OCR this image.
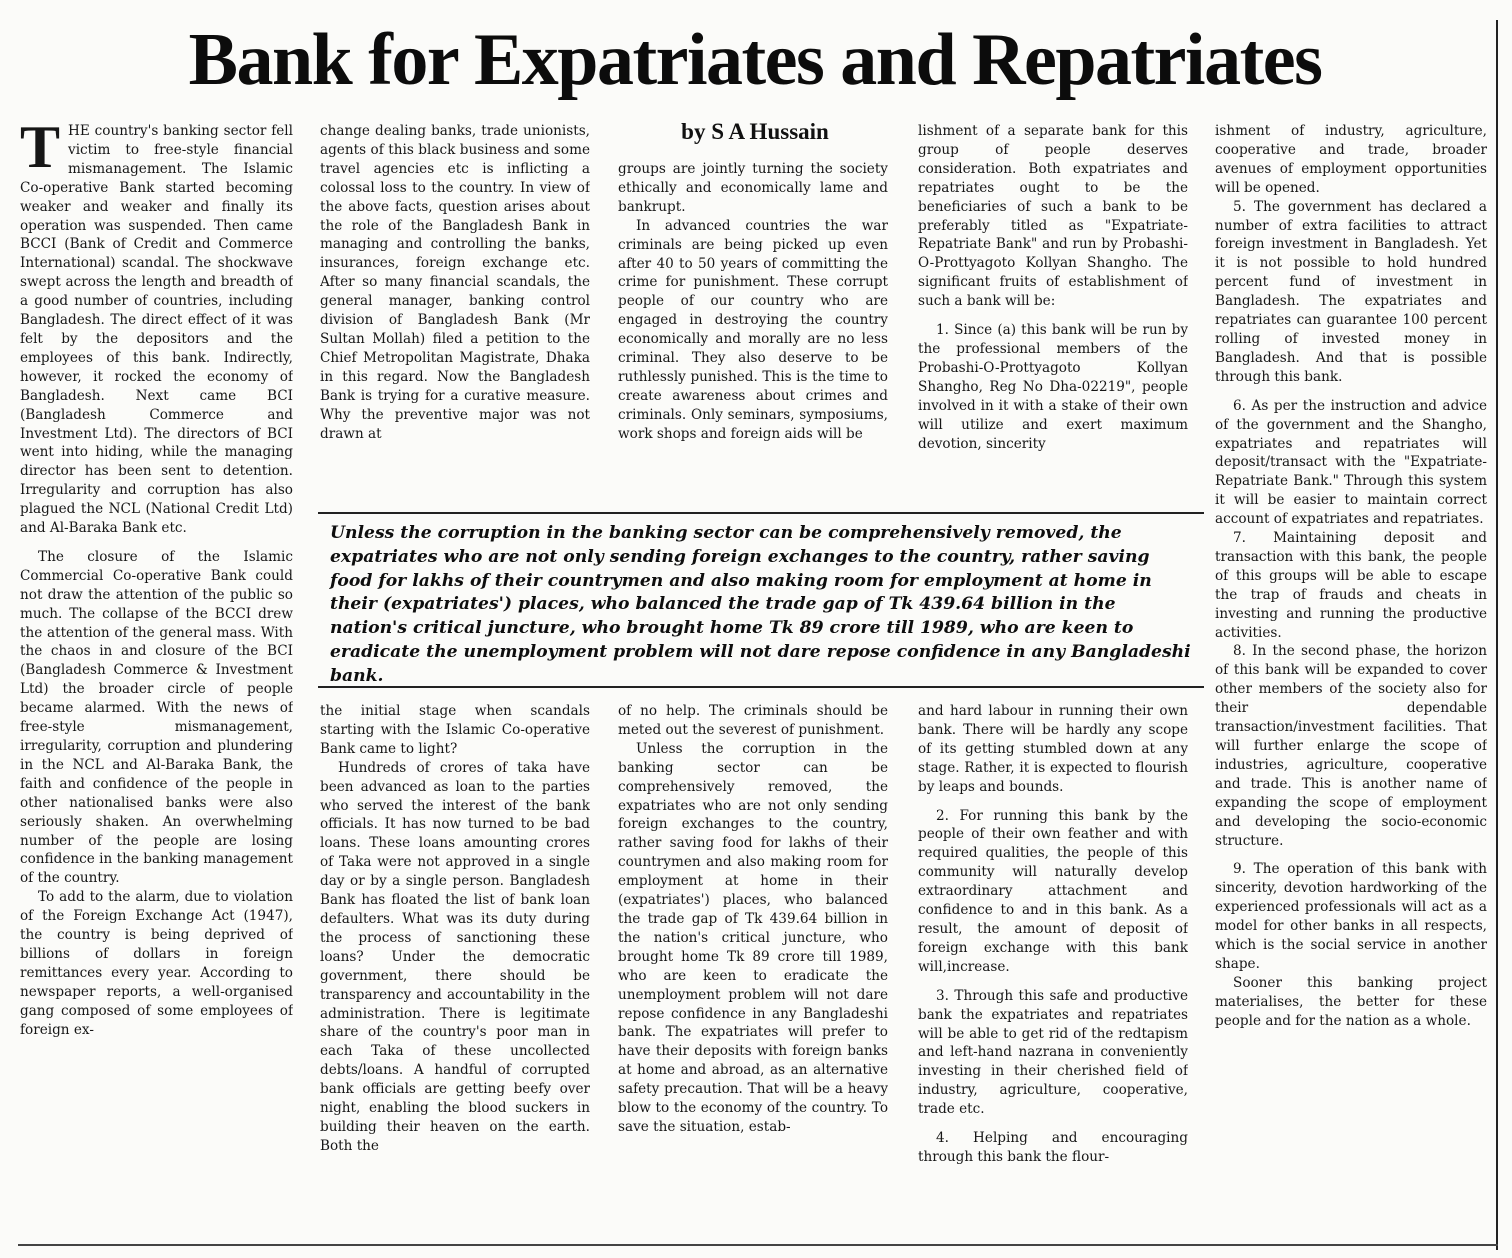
Bank for Expatriates and Repatriates

THE country's banking sector fell victim to free-style financial mismanagement. The Islamic Co-operative Bank started becoming weaker and weaker and finally its operation was suspended. Then came BCCI (Bank of Credit and Commerce International) scandal. The shockwave swept across the length and breadth of a good number of countries, including Bangladesh. The direct effect of it was felt by the depositors and the employees of this bank. Indirectly, however, it rocked the economy of Bangladesh. Next came BCI (Bangladesh Commerce and Investment Ltd). The directors of BCI went into hiding, while the managing director has been sent to detention. Irregularity and corruption has also plagued the NCL (National Credit Ltd) and Al-Baraka Bank etc.

The closure of the Islamic Commercial Co-operative Bank could not draw the attention of the public so much. The collapse of the BCCI drew the attention of the general mass. With the chaos in and closure of the BCI (Bangladesh Commerce & Investment Ltd) the broader circle of people became alarmed. With the news of free-style mismanagement, irregularity, corruption and plundering in the NCL and Al-Baraka Bank, the faith and confidence of the people in other nationalised banks were also seriously shaken. An overwhelming number of the people are losing confidence in the banking management of the country.

To add to the alarm, due to violation of the Foreign Exchange Act (1947), the country is being deprived of billions of dollars in foreign remittances every year. According to newspaper reports, a well-organised gang composed of some employees of foreign ex-

change dealing banks, trade unionists, agents of this black business and some travel agencies etc is inflicting a colossal loss to the country. In view of the above facts, question arises about the role of the Bangladesh Bank in managing and controlling the banks, insurances, foreign exchange etc. After so many financial scandals, the general manager, banking control division of Bangladesh Bank (Mr Sultan Mollah) filed a petition to the Chief Metropolitan Magistrate, Dhaka in this regard. Now the Bangladesh Bank is trying for a curative measure. Why the preventive major was not drawn at

by S A Hussain

groups are jointly turning the society ethically and economically lame and bankrupt.

In advanced countries the war criminals are being picked up even after 40 to 50 years of committing the crime for punishment. These corrupt people of our country who are engaged in destroying the country economically and morally are no less criminal. They also deserve to be ruthlessly punished. This is the time to create awareness about crimes and criminals. Only seminars, symposiums, work shops and foreign aids will be

lishment of a separate bank for this group of people deserves consideration. Both expatriates and repatriates ought to be the beneficiaries of such a bank to be preferably titled as "Expatriate-Repatriate Bank" and run by Probashi-O-Prottyagoto Kollyan Shangho. The significant fruits of establishment of such a bank will be:

1. Since (a) this bank will be run by the professional members of the Probashi-O-Prottyagoto Kollyan Shangho, Reg No Dha-02219", people involved in it with a stake of their own will utilize and exert maximum devotion, sincerity

ishment of industry, agriculture, cooperative and trade, broader avenues of employment opportunities will be opened.

5. The government has declared a number of extra facilities to attract foreign investment in Bangladesh. Yet it is not possible to hold hundred percent fund of investment in Bangladesh. The expatriates and repatriates can guarantee 100 percent rolling of invested money in Bangladesh. And that is possible through this bank.

6. As per the instruction and advice of the government and the Shangho, expatriates and repatriates will deposit/transact with the "Expatriate-Repatriate Bank." Through this system it will be easier to maintain correct account of expatriates and repatriates.

7. Maintaining deposit and transaction with this bank, the people of this groups will be able to escape the trap of frauds and cheats in investing and running the productive activities.

8. In the second phase, the horizon of this bank will be expanded to cover other members of the society also for their dependable transaction/investment facilities. That will further enlarge the scope of industries, agriculture, cooperative and trade. This is another name of expanding the scope of employment and developing the socio-economic structure.

9. The operation of this bank with sincerity, devotion hardworking of the experienced professionals will act as a model for other banks in all respects, which is the social service in another shape.

Sooner this banking project materialises, the better for these people and for the nation as a whole.

Unless the corruption in the banking sector can be comprehensively removed, the expatriates who are not only sending foreign exchanges to the country, rather saving food for lakhs of their countrymen and also making room for employment at home in their (expatriates') places, who balanced the trade gap of Tk 439.64 billion in the nation's critical juncture, who brought home Tk 89 crore till 1989, who are keen to eradicate the unemployment problem will not dare repose confidence in any Bangladeshi bank.

the initial stage when scandals starting with the Islamic Co-operative Bank came to light?

Hundreds of crores of taka have been advanced as loan to the parties who served the interest of the bank officials. It has now turned to be bad loans. These loans amounting crores of Taka were not approved in a single day or by a single person. Bangladesh Bank has floated the list of bank loan defaulters. What was its duty during the process of sanctioning these loans? Under the democratic government, there should be transparency and accountability in the administration. There is legitimate share of the country's poor man in each Taka of these uncollected debts/loans. A handful of corrupted bank officials are getting beefy over night, enabling the blood suckers in building their heaven on the earth. Both the

of no help. The criminals should be meted out the severest of punishment.

Unless the corruption in the banking sector can be comprehensively removed, the expatriates who are not only sending foreign exchanges to the country, rather saving food for lakhs of their countrymen and also making room for employment at home in their (expatriates') places, who balanced the trade gap of Tk 439.64 billion in the nation's critical juncture, who brought home Tk 89 crore till 1989, who are keen to eradicate the unemployment problem will not dare repose confidence in any Bangladeshi bank. The expatriates will prefer to have their deposits with foreign banks at home and abroad, as an alternative safety precaution. That will be a heavy blow to the economy of the country. To save the situation, estab-

and hard labour in running their own bank. There will be hardly any scope of its getting stumbled down at any stage. Rather, it is expected to flourish by leaps and bounds.

2. For running this bank by the people of their own feather and with required qualities, the people of this community will naturally develop extraordinary attachment and confidence to and in this bank. As a result, the amount of deposit of foreign exchange with this bank will,increase.

3. Through this safe and productive bank the expatriates and repatriates will be able to get rid of the redtapism and left-hand nazrana in conveniently investing in their cherished field of industry, agriculture, cooperative, trade etc.

4. Helping and encouraging through this bank the flour-
